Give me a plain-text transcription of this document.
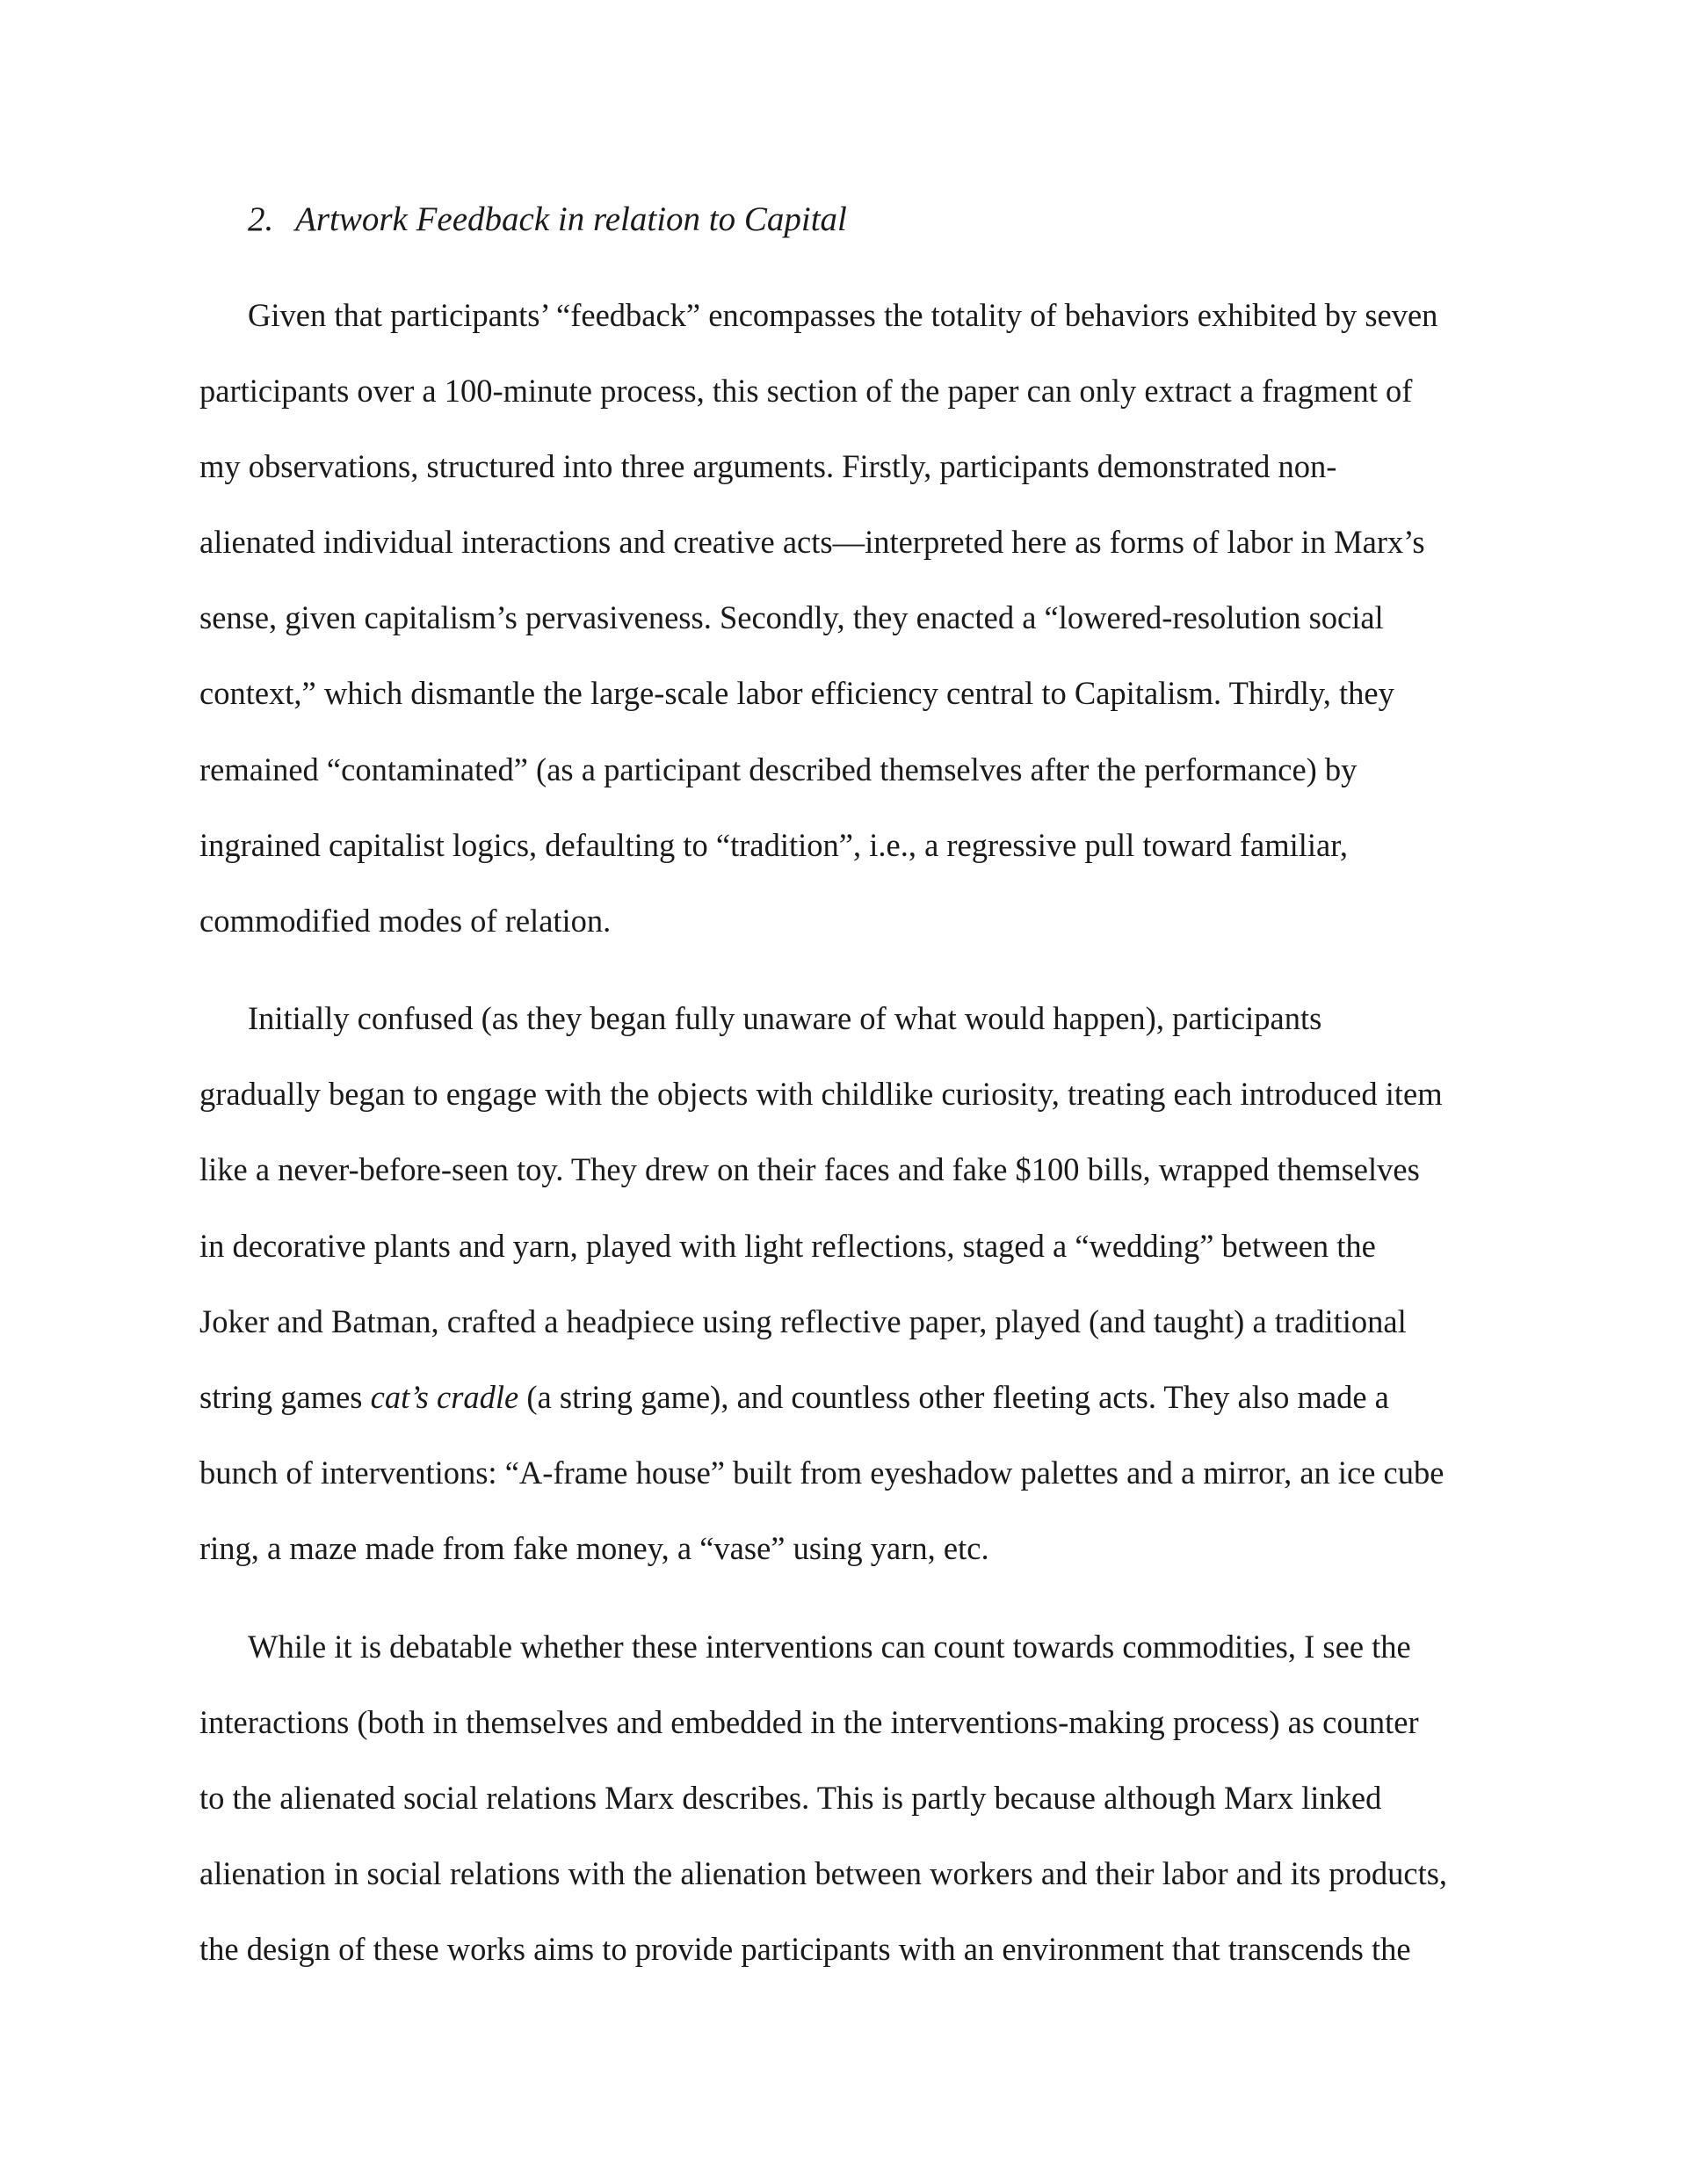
2. Artwork Feedback in relation to Capital
Given that participants’ “feedback” encompasses the totality of behaviors exhibited by seven
participants over a 100-minute process, this section of the paper can only extract a fragment of
my observations, structured into three arguments. Firstly, participants demonstrated non-
alienated individual interactions and creative acts—interpreted here as forms of labor in Marx’s
sense, given capitalism’s pervasiveness. Secondly, they enacted a “lowered-resolution social
context,” which dismantle the large-scale labor efficiency central to Capitalism. Thirdly, they
remained “contaminated” (as a participant described themselves after the performance) by
ingrained capitalist logics, defaulting to “tradition”, i.e., a regressive pull toward familiar,
commodified modes of relation.
Initially confused (as they began fully unaware of what would happen), participants
gradually began to engage with the objects with childlike curiosity, treating each introduced item
like a never-before-seen toy. They drew on their faces and fake $100 bills, wrapped themselves
in decorative plants and yarn, played with light reflections, staged a “wedding” between the
Joker and Batman, crafted a headpiece using reflective paper, played (and taught) a traditional
string games cat’s cradle (a string game), and countless other fleeting acts. They also made a
bunch of interventions: “A-frame house” built from eyeshadow palettes and a mirror, an ice cube
ring, a maze made from fake money, a “vase” using yarn, etc.
While it is debatable whether these interventions can count towards commodities, I see the
interactions (both in themselves and embedded in the interventions-making process) as counter
to the alienated social relations Marx describes. This is partly because although Marx linked
alienation in social relations with the alienation between workers and their labor and its products,
the design of these works aims to provide participants with an environment that transcends the
